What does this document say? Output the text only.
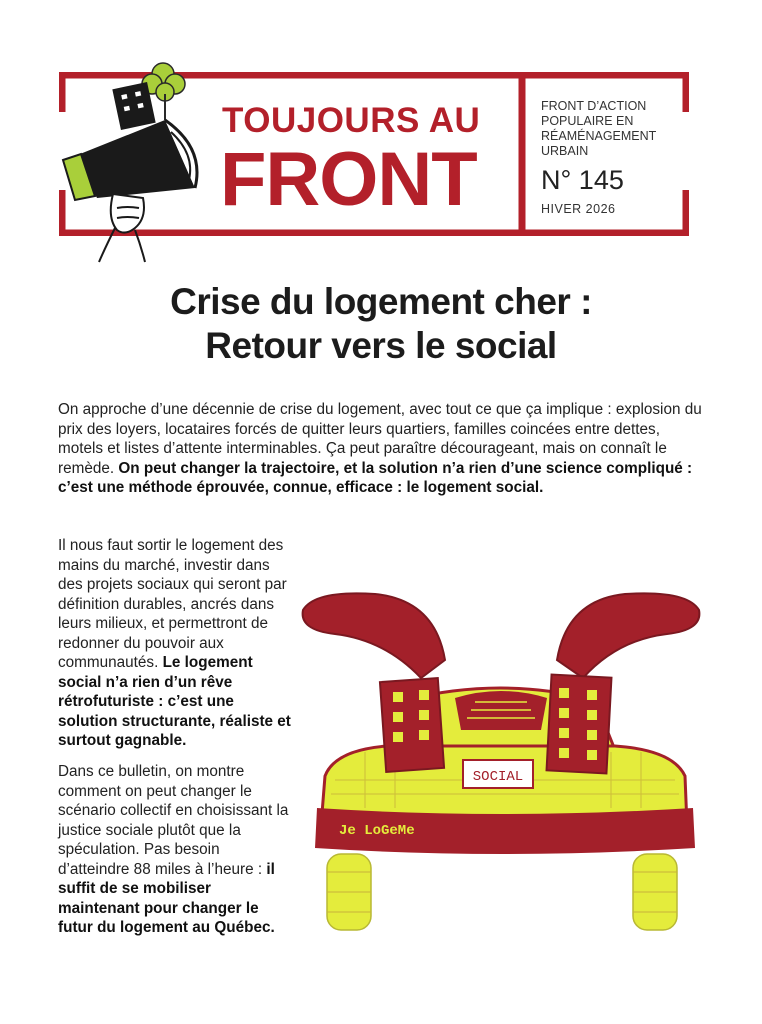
TOUJOURS AU
FRONT
FRONT D’ACTION
POPULAIRE EN
RÉAMÉNAGEMENT
URBAIN
N° 145
HIVER 2026
Crise du logement cher :
Retour vers le social

On approche d’une décennie de crise du logement, avec tout ce que ça implique : explosion du prix des loyers, locataires forcés de quitter leurs quartiers, familles coincées entre dettes, motels et listes d’attente interminables. Ça peut paraître décourageant, mais on connaît le remède. On peut changer la trajectoire, et la solution n’a rien d’une science compliqué : c’est une méthode éprouvée, connue, efficace : le logement social.

Il nous faut sortir le logement des mains du marché, investir dans des projets sociaux qui seront par définition durables, ancrés dans leurs milieux, et permettront de redonner du pouvoir aux communautés. Le logement social n’a rien d’un rêve rétrofuturiste : c’est une solution structurante, réaliste et surtout gagnable.

Dans ce bulletin, on montre comment on peut changer le scénario collectif en choisissant la justice sociale plutôt que la spéculation. Pas besoin d’atteindre 88 miles à l’heure : il suffit de se mobiliser maintenant pour changer le futur du logement au Québec.

Je LoGeMe
SOCIAL
